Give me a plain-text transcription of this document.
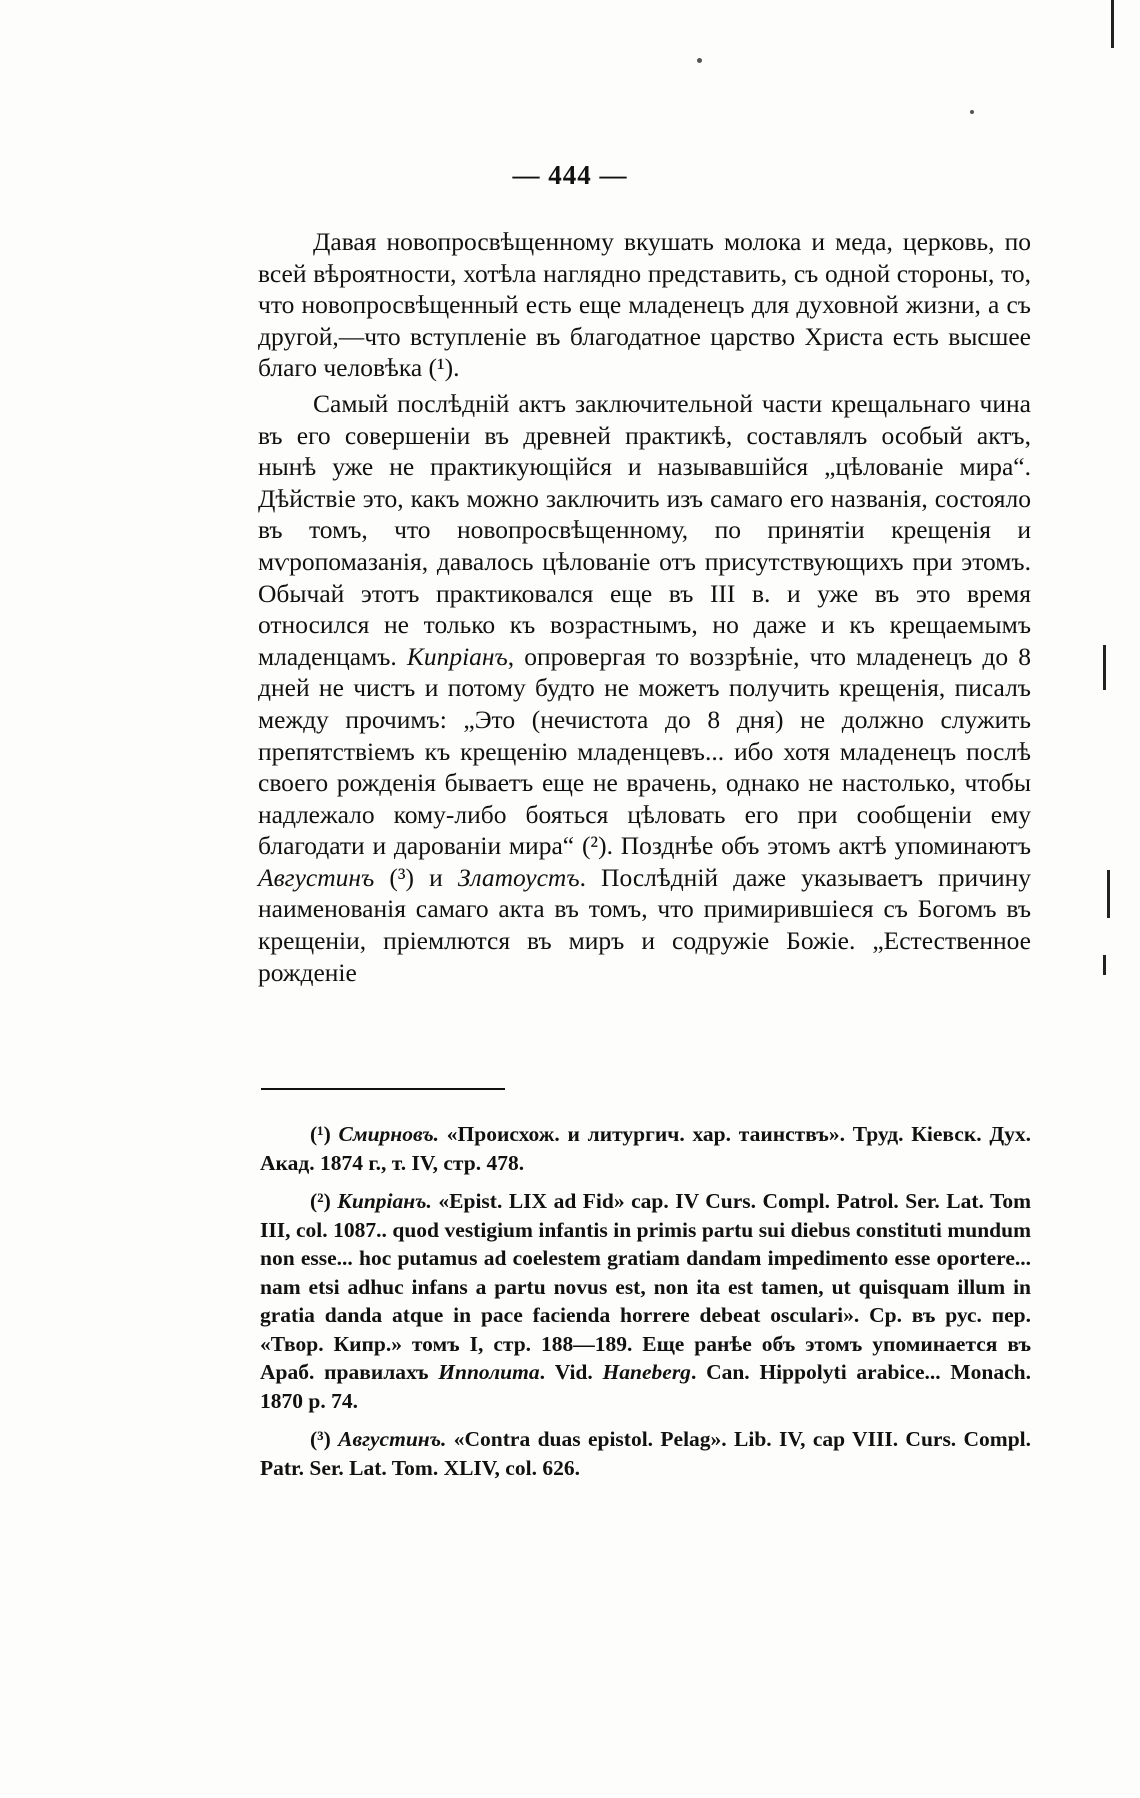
— 444 —

Давая новопросвѣщенному вкушать молока и меда, церковь, по всей вѣроятности, хотѣла наглядно представить, съ одной стороны, то, что новопросвѣщенный есть еще младенецъ для духовной жизни, а съ другой,—что вступленіе въ благодатное царство Христа есть высшее благо человѣка (¹).

Самый послѣдній актъ заключительной части крещальнаго чина въ его совершеніи въ древней практикѣ, составлялъ особый актъ, нынѣ уже не практикующійся и называвшійся „цѣлованіе мира“. Дѣйствіе это, какъ можно заключить изъ самаго его названія, состояло въ томъ, что новопросвѣщенному, по принятіи крещенія и мѵропомазанія, давалось цѣлованіе отъ присутствующихъ при этомъ. Обычай этотъ практиковался еще въ III в. и уже въ это время относился не только къ возрастнымъ, но даже и къ крещаемымъ младенцамъ. Кипріанъ, опровергая то воззрѣніе, что младенецъ до 8 дней не чистъ и потому будто не можетъ получить крещенія, писалъ между прочимъ: „Это (нечистота до 8 дня) не должно служить препятствіемъ къ крещенію младенцевъ... ибо хотя младенецъ послѣ своего рожденія бываетъ еще не врачень, однако не настолько, чтобы надлежало кому-либо бояться цѣловать его при сообщеніи ему благодати и дарованіи мира“ (²). Позднѣе объ этомъ актѣ упоминаютъ Августинъ (³) и Златоустъ. Послѣдній даже указываетъ причину наименованія самаго акта въ томъ, что примирившіеся съ Богомъ въ крещеніи, пріемлются въ миръ и содружіе Божіе. „Естественное рожденіе

(¹) Смирновъ. «Происхож. и литургич. хар. таинствъ». Труд. Кіевск. Дух. Акад. 1874 г., т. IV, стр. 478.

(²) Кипріанъ. «Epist. LIX ad Fid» cap. IV Curs. Compl. Patrol. Ser. Lat. Tom III, col. 1087.. quod vestigium infantis in primis partu sui diebus constituti mundum non esse... hoc putamus ad coelestem gratiam dandam impedimento esse oportere... nam etsi adhuc infans a partu novus est, non ita est tamen, ut quisquam illum in gratia danda atque in pace facienda horrere debeat osculari». Ср. въ рус. пер. «Твор. Кипр.» томъ I, стр. 188—189. Еще ранѣе объ этомъ упоминается въ Араб. правилахъ Ипполита. Vid. Haneberg. Can. Hippolyti arabice... Monach. 1870 p. 74.

(³) Августинъ. «Contra duas epistol. Pelag». Lib. IV, cap VIII. Curs. Compl. Patr. Ser. Lat. Tom. XLIV, col. 626.
